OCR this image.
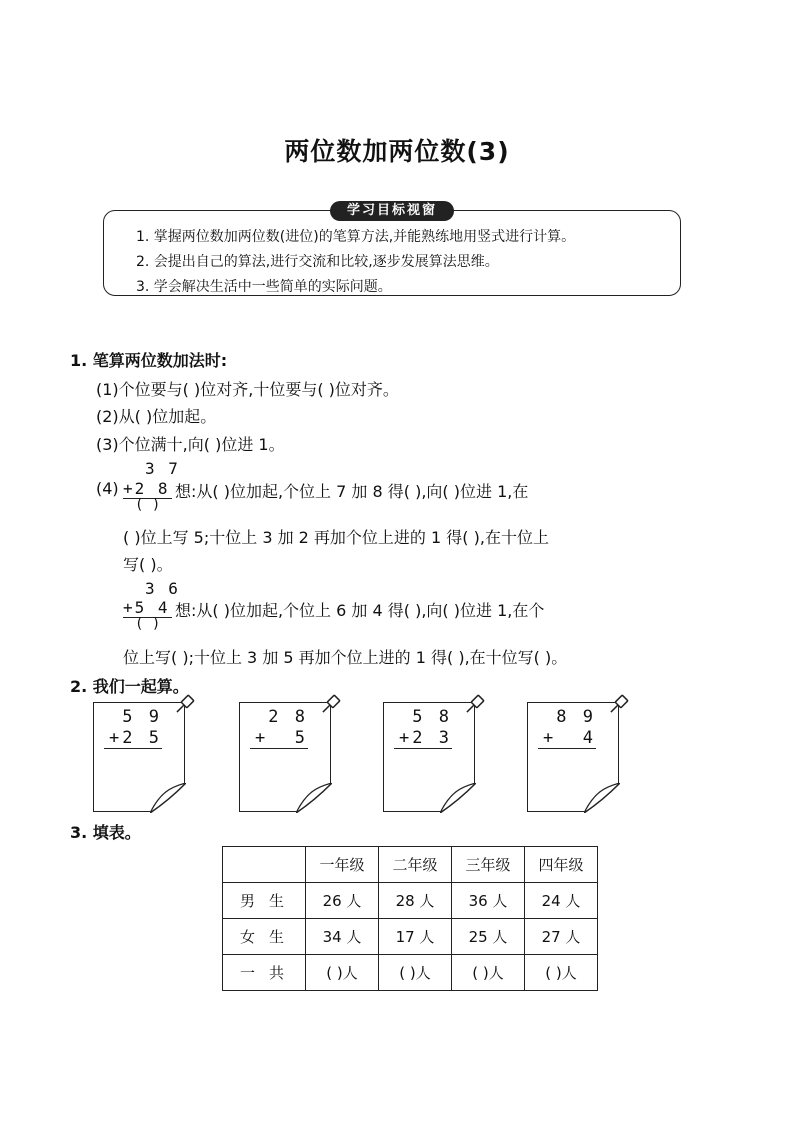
两位数加两位数(3)
学习目标视窗
1. 掌握两位数加两位数(进位)的笔算方法,并能熟练地用竖式进行计算。
2. 会提出自己的算法,进行交流和比较,逐步发展算法思维。
3. 学会解决生活中一些简单的实际问题。
1. 笔算两位数加法时:
(1)个位要与( )位对齐,十位要与( )位对齐。
(2)从( )位加起。
(3)个位满十,向( )位进 1。
3 7
(4) +2 8 想:从( )位加起,个位上 7 加 8 得( ),向( )位进 1,在
( )
( )位上写 5;十位上 3 加 2 再加个位上进的 1 得( ),在十位上
写( )。
3 6
+5 4 想:从( )位加起,个位上 6 加 4 得( ),向( )位进 1,在个
( )
位上写( );十位上 3 加 5 再加个位上进的 1 得( ),在十位写( )。
2. 我们一起算。
5 9
+2 5
2 8
+  5
5 8
+2 3
8 9
+  4
3. 填表。
	一年级	二年级	三年级	四年级
男生	26 人	28 人	36 人	24 人
女生	34 人	17 人	25 人	27 人
一共	( )人	( )人	( )人	( )人
